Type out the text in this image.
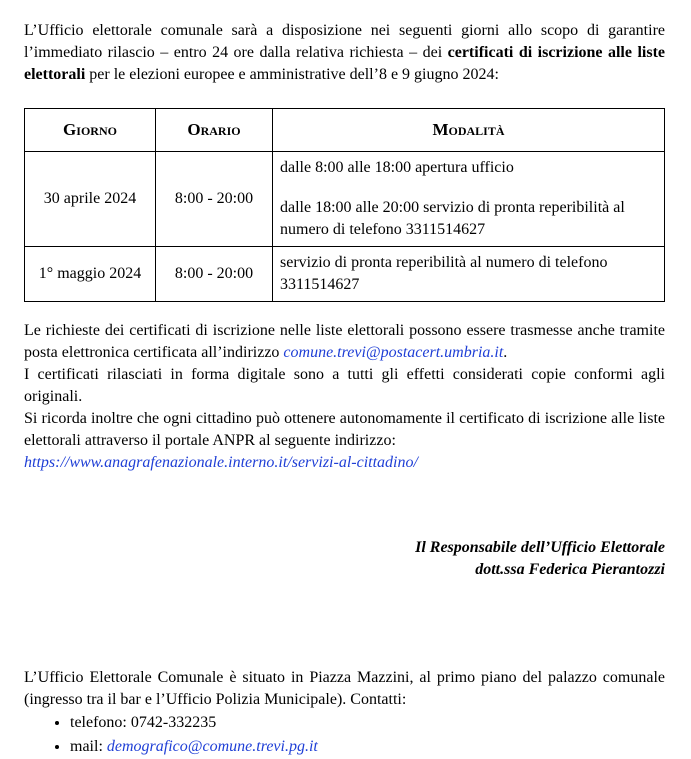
L’Ufficio elettorale comunale sarà a disposizione nei seguenti giorni allo scopo di garantire l’immediato rilascio – entro 24 ore dalla relativa richiesta – dei certificati di iscrizione alle liste elettorali per le elezioni europee e amministrative dell’8 e 9 giugno 2024:

Giorno	Orario	Modalità
30 aprile 2024	8:00 - 20:00	dalle 8:00 alle 18:00 apertura ufficio
dalle 18:00 alle 20:00 servizio di pronta reperibilità al numero di telefono 3311514627

1° maggio 2024	8:00 - 20:00	servizio di pronta reperibilità al numero di telefono 3311514627

Le richieste dei certificati di iscrizione nelle liste elettorali possono essere trasmesse anche tramite posta elettronica certificata all’indirizzo comune.trevi@postacert.umbria.it.

I certificati rilasciati in forma digitale sono a tutti gli effetti considerati copie conformi agli originali.

Si ricorda inoltre che ogni cittadino può ottenere autonomamente il certificato di iscrizione alle liste elettorali attraverso il portale ANPR al seguente indirizzo:
https://www.anagrafenazionale.interno.it/servizi-al-cittadino/

Il Responsabile dell’Ufficio Elettorale
dott.ssa Federica Pierantozzi

L’Ufficio Elettorale Comunale è situato in Piazza Mazzini, al primo piano del palazzo comunale (ingresso tra il bar e l’Ufficio Polizia Municipale). Contatti:

• telefono: 0742-332235
• mail: demografico@comune.trevi.pg.it
